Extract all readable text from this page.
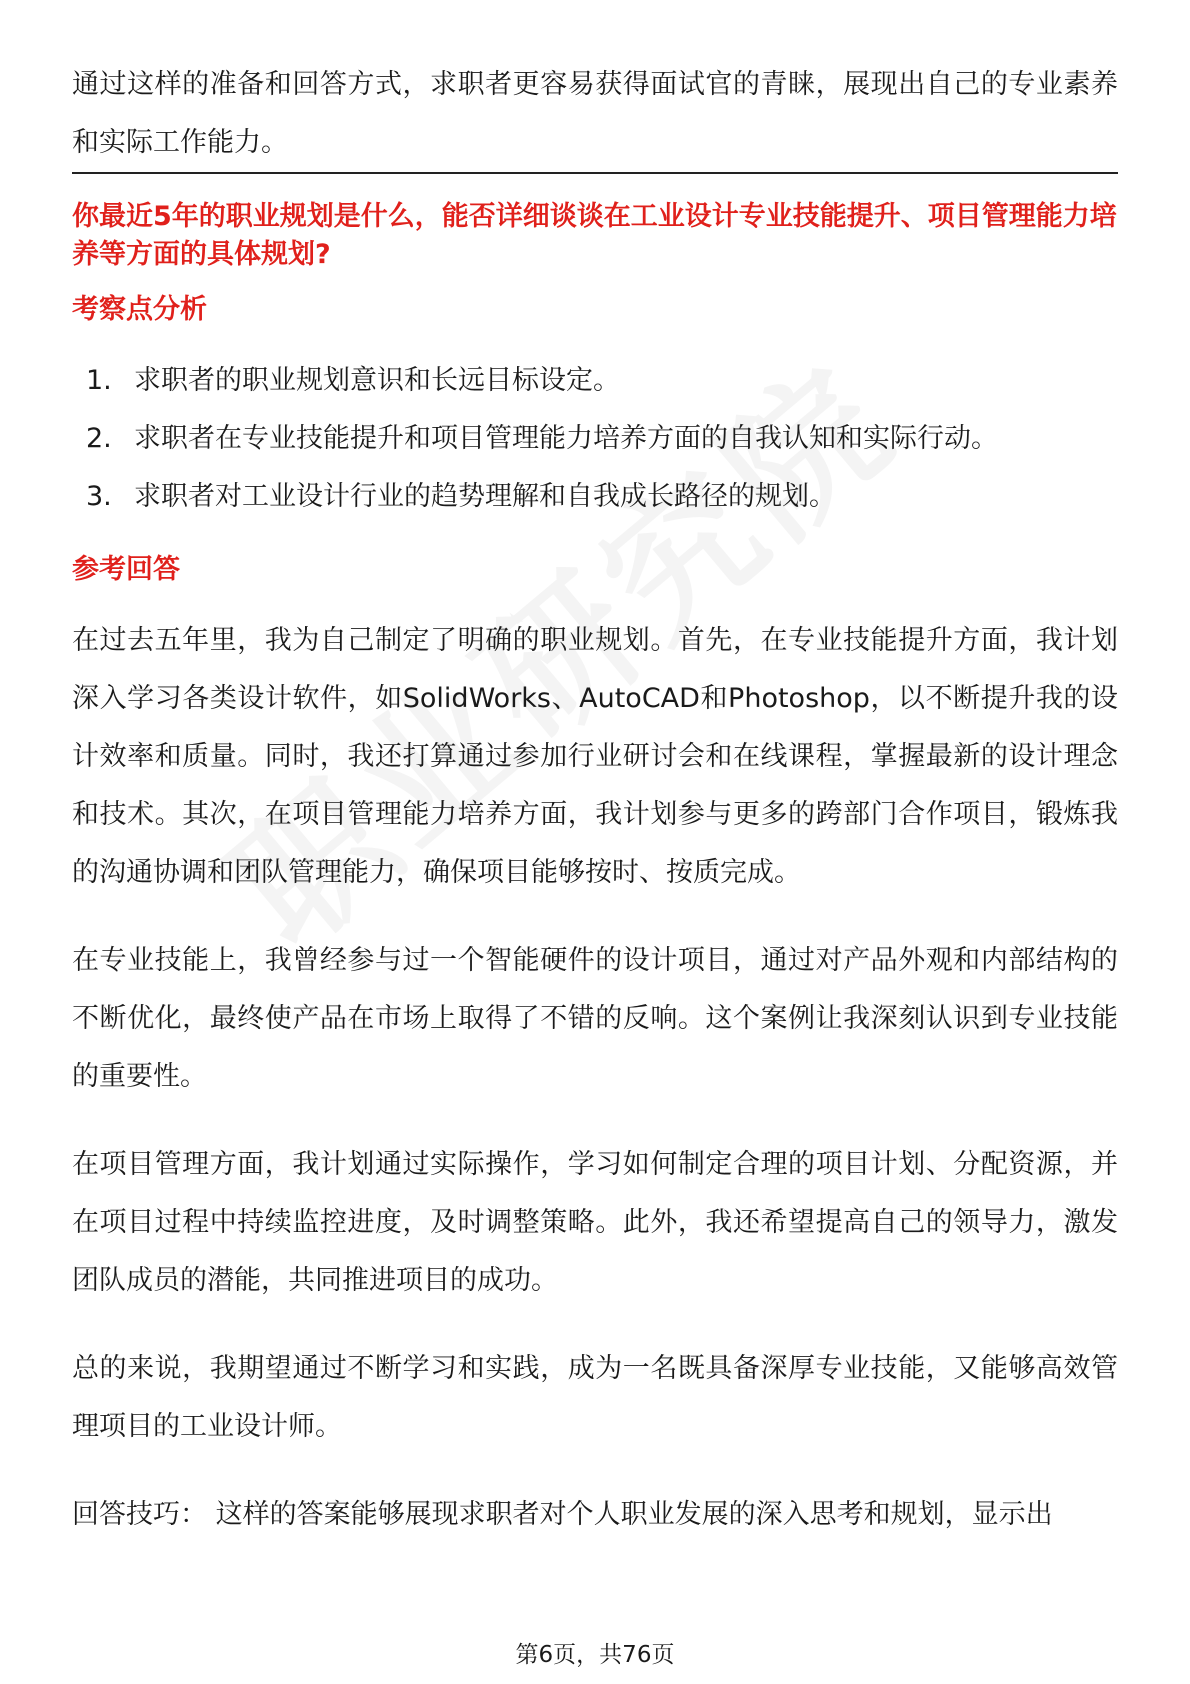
通过这样的准备和回答方式，求职者更容易获得面试官的青睐，展现出自己的专业素养和实际工作能力。

你最近5年的职业规划是什么，能否详细谈谈在工业设计专业技能提升、项目管理能力培养等方面的具体规划?
考察点分析
1. 求职者的职业规划意识和长远目标设定。
2. 求职者在专业技能提升和项目管理能力培养方面的自我认知和实际行动。
3. 求职者对工业设计行业的趋势理解和自我成长路径的规划。
参考回答

在过去五年里，我为自己制定了明确的职业规划。首先，在专业技能提升方面，我计划深入学习各类设计软件，如SolidWorks、AutoCAD和Photoshop，以不断提升我的设计效率和质量。同时，我还打算通过参加行业研讨会和在线课程，掌握最新的设计理念和技术。其次，在项目管理能力培养方面，我计划参与更多的跨部门合作项目，锻炼我的沟通协调和团队管理能力，确保项目能够按时、按质完成。

在专业技能上，我曾经参与过一个智能硬件的设计项目，通过对产品外观和内部结构的不断优化，最终使产品在市场上取得了不错的反响。这个案例让我深刻认识到专业技能的重要性。

在项目管理方面，我计划通过实际操作，学习如何制定合理的项目计划、分配资源，并在项目过程中持续监控进度，及时调整策略。此外，我还希望提高自己的领导力，激发团队成员的潜能，共同推进项目的成功。

总的来说，我期望通过不断学习和实践，成为一名既具备深厚专业技能，又能够高效管理项目的工业设计师。

回答技巧： 这样的答案能够展现求职者对个人职业发展的深入思考和规划，显示出

第6页，共76页
